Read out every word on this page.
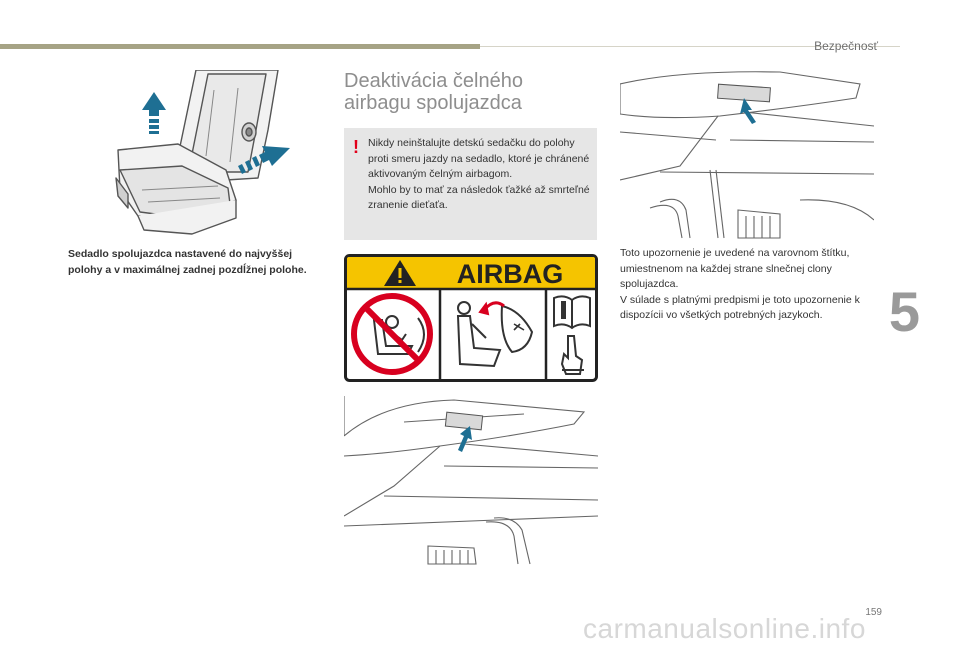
Bezpečnosť
5
Sedadlo spolujazdca nastavené do najvyššej polohy a v maximálnej zadnej pozdĺžnej polohe.
Deaktivácia čelného
airbagu spolujazdca
! Nikdy neinštalujte detskú sedačku do polohy proti smeru jazdy na sedadlo, ktoré je chránené aktivovaným čelným airbagom.

Mohlo by to mať za následok ťažké až smrteľné zranenie dieťaťa.

AIRBAG

Toto upozornenie je uvedené na varovnom štítku, umiestnenom na každej strane slnečnej clony spolujazdca.

V súlade s platnými predpismi je toto upozornenie k dispozícii vo všetkých potrebných jazykoch.

159
carmanualsonline.info
